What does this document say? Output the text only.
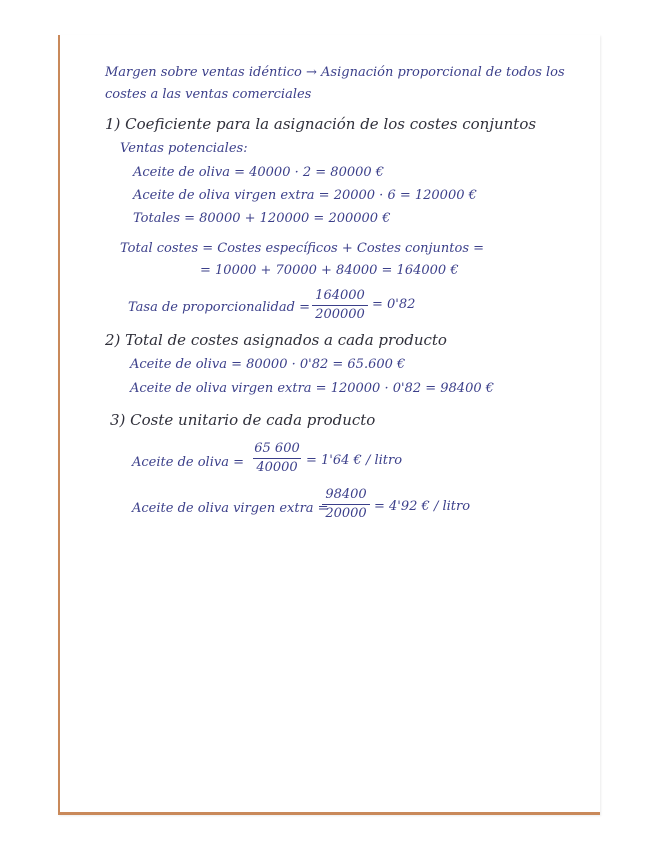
Margen sobre ventas idéntico → Asignación proporcional de todos los
costes a las ventas comerciales
1) Coeficiente para la asignación de los costes conjuntos
Ventas potenciales:
Aceite de oliva = 40000 · 2 = 80000 €
Aceite de oliva virgen extra = 20000 · 6 = 120000 €
Totales = 80000 + 120000 = 200000 €
Total costes = Costes específicos + Costes conjuntos =
= 10000 + 70000 + 84000 = 164000 €
Tasa de proporcionalidad =
164000
200000
= 0'82
2) Total de costes asignados a cada producto
Aceite de oliva = 80000 · 0'82 = 65.600 €
Aceite de oliva virgen extra = 120000 · 0'82 = 98400 €
3) Coste unitario de cada producto
Aceite de oliva =
65 600
40000 = 1'64 € / litro
Aceite de oliva virgen extra =
98400
20000 = 4'92 € / litro
